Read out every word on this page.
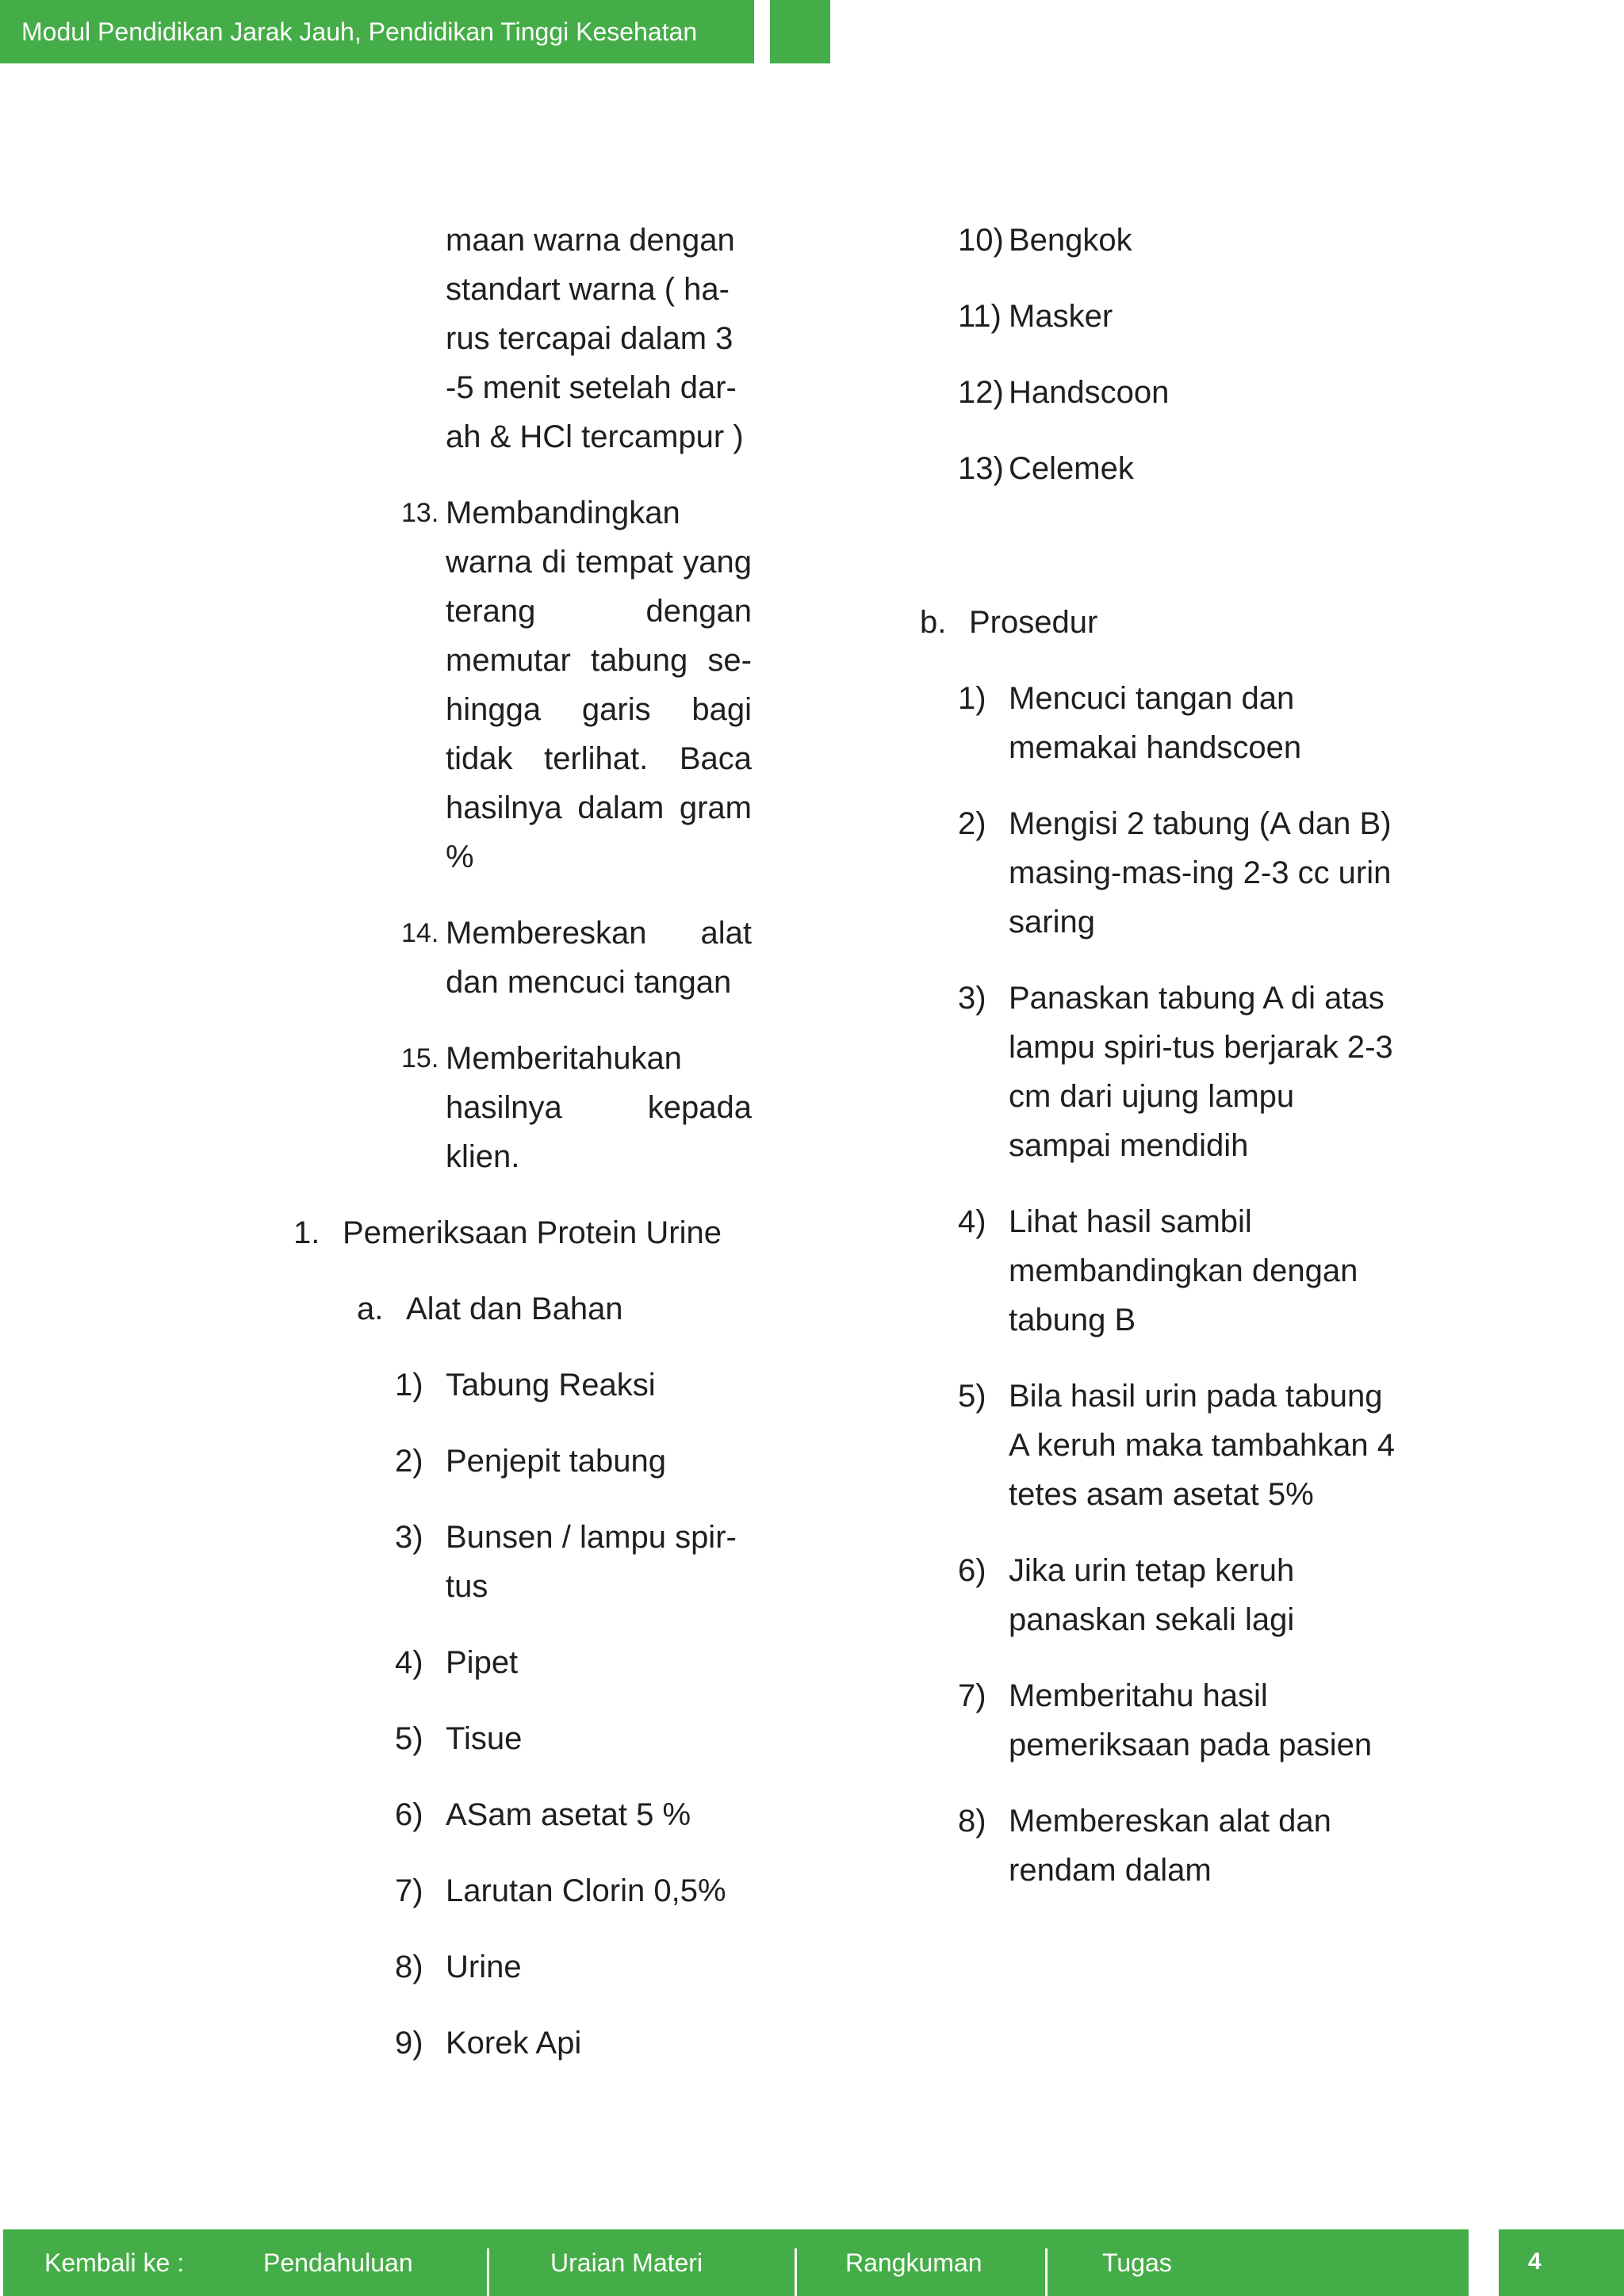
Modul Pendidikan Jarak Jauh, Pendidikan Tinggi Kesehatan
maan warna dengan
standart warna ( ha-
rus tercapai dalam 3
-5 menit setelah dar-
ah & HCl tercampur )
13. Membandingkan warna di tempat yang terang dengan memutar tabung se-hingga garis bagi tidak terlihat. Baca hasilnya dalam gram %
14. Membereskan alat dan mencuci tangan
15. Memberitahukan hasilnya kepada klien.
1. Pemeriksaan Protein Urine
a. Alat dan Bahan
1) Tabung Reaksi
2) Penjepit tabung
3) Bunsen / lampu spir-tus
4) Pipet
5) Tisue
6) ASam asetat 5 %
7) Larutan Clorin 0,5%
8) Urine
9) Korek Api
10) Bengkok
11) Masker
12) Handscoon
13) Celemek
b. Prosedur
1) Mencuci tangan dan memakai handscoen
2) Mengisi 2 tabung (A dan B) masing-mas-ing 2-3 cc urin saring
3) Panaskan tabung A di atas lampu spiri-tus berjarak 2-3 cm dari ujung lampu sampai mendidih
4) Lihat hasil sambil membandingkan dengan tabung B
5) Bila hasil urin pada tabung A keruh maka tambahkan 4 tetes asam asetat 5%
6) Jika urin tetap keruh panaskan sekali lagi
7) Memberitahu hasil pemeriksaan pada pasien
8) Membereskan alat dan rendam dalam
Kembali ke :	Pendahuluan	Uraian Materi	Rangkuman	Tugas	4
